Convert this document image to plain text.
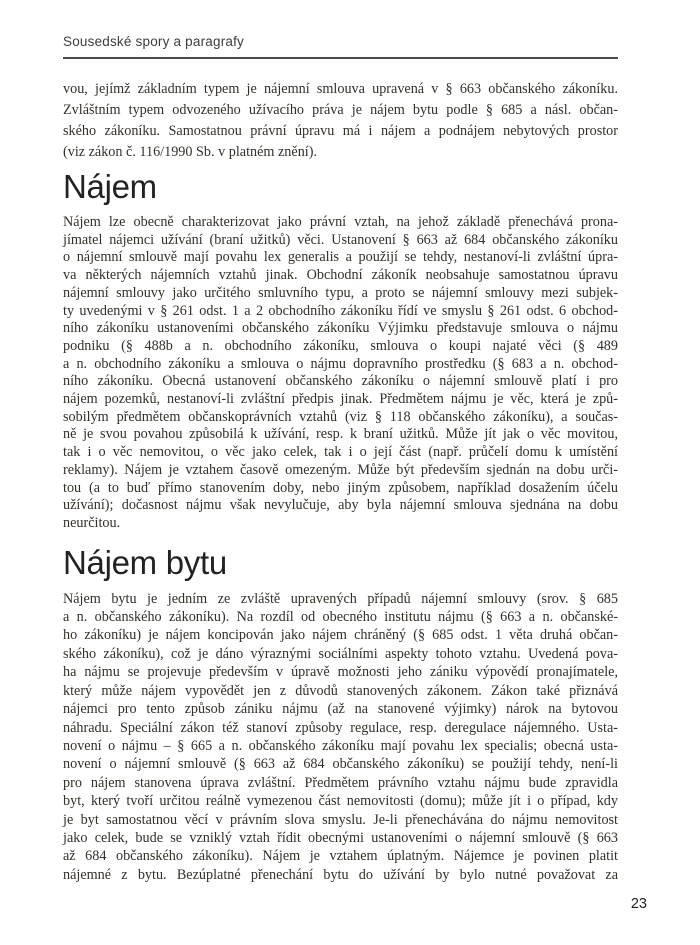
Sousedské spory a paragrafy
vou, jejímž základním typem je nájemní smlouva upravená v § 663 občanského zákoníku.
Zvláštním typem odvozeného užívacího práva je nájem bytu podle § 685 a násl. občan-
ského zákoníku. Samostatnou právní úpravu má i nájem a podnájem nebytových prostor
(viz zákon č. 116/1990 Sb. v platném znění).
Nájem
Nájem lze obecně charakterizovat jako právní vztah, na jehož základě přenechává prona-
jímatel nájemci užívání (braní užitků) věci. Ustanovení § 663 až 684 občanského zákoníku
o nájemní smlouvě mají povahu lex generalis a použijí se tehdy, nestanoví-li zvláštní úpra-
va některých nájemních vztahů jinak. Obchodní zákoník neobsahuje samostatnou úpravu
nájemní smlouvy jako určitého smluvního typu, a proto se nájemní smlouvy mezi subjek-
ty uvedenými v § 261 odst. 1 a 2 obchodního zákoníku řídí ve smyslu § 261 odst. 6 obchod-
ního zákoníku ustanoveními občanského zákoníku Výjimku představuje smlouva o nájmu
podniku (§ 488b a n. obchodního zákoníku, smlouva o koupi najaté věci (§ 489
a n. obchodního zákoníku a smlouva o nájmu dopravního prostředku (§ 683 a n. obchod-
ního zákoníku. Obecná ustanovení občanského zákoníku o nájemní smlouvě platí i pro
nájem pozemků, nestanoví-li zvláštní předpis jinak. Předmětem nájmu je věc, která je způ-
sobilým předmětem občanskoprávních vztahů (viz § 118 občanského zákoníku), a součas-
ně je svou povahou způsobilá k užívání, resp. k braní užitků. Může jít jak o věc movitou,
tak i o věc nemovitou, o věc jako celek, tak i o její část (např. průčelí domu k umístění
reklamy). Nájem je vztahem časově omezeným. Může být především sjednán na dobu urči-
tou (a to buď přímo stanovením doby, nebo jiným způsobem, například dosažením účelu
užívání); dočasnost nájmu však nevylučuje, aby byla nájemní smlouva sjednána na dobu
neurčitou.
Nájem bytu
Nájem bytu je jedním ze zvláště upravených případů nájemní smlouvy (srov. § 685
a n. občanského zákoníku). Na rozdíl od obecného institutu nájmu (§ 663 a n. občanské-
ho zákoníku) je nájem koncipován jako nájem chráněný (§ 685 odst. 1 věta druhá občan-
ského zákoníku), což je dáno výraznými sociálními aspekty tohoto vztahu. Uvedená pova-
ha nájmu se projevuje především v úpravě možnosti jeho zániku výpovědí pronajímatele,
který může nájem vypovědět jen z důvodů stanovených zákonem. Zákon také přiznává
nájemci pro tento způsob zániku nájmu (až na stanovené výjimky) nárok na bytovou
náhradu. Speciální zákon též stanoví způsoby regulace, resp. deregulace nájemného. Usta-
novení o nájmu – § 665 a n. občanského zákoníku mají povahu lex specialis; obecná usta-
novení o nájemní smlouvě (§ 663 až 684 občanského zákoníku) se použijí tehdy, není-li
pro nájem stanovena úprava zvláštní. Předmětem právního vztahu nájmu bude zpravidla
byt, který tvoří určitou reálně vymezenou část nemovitosti (domu); může jít i o případ, kdy
je byt samostatnou věcí v právním slova smyslu. Je-li přenechávána do nájmu nemovitost
jako celek, bude se vzniklý vztah řídit obecnými ustanoveními o nájemní smlouvě (§ 663
až 684 občanského zákoníku). Nájem je vztahem úplatným. Nájemce je povinen platit
nájemné z bytu. Bezúplatné přenechání bytu do užívání by bylo nutné považovat za
23
